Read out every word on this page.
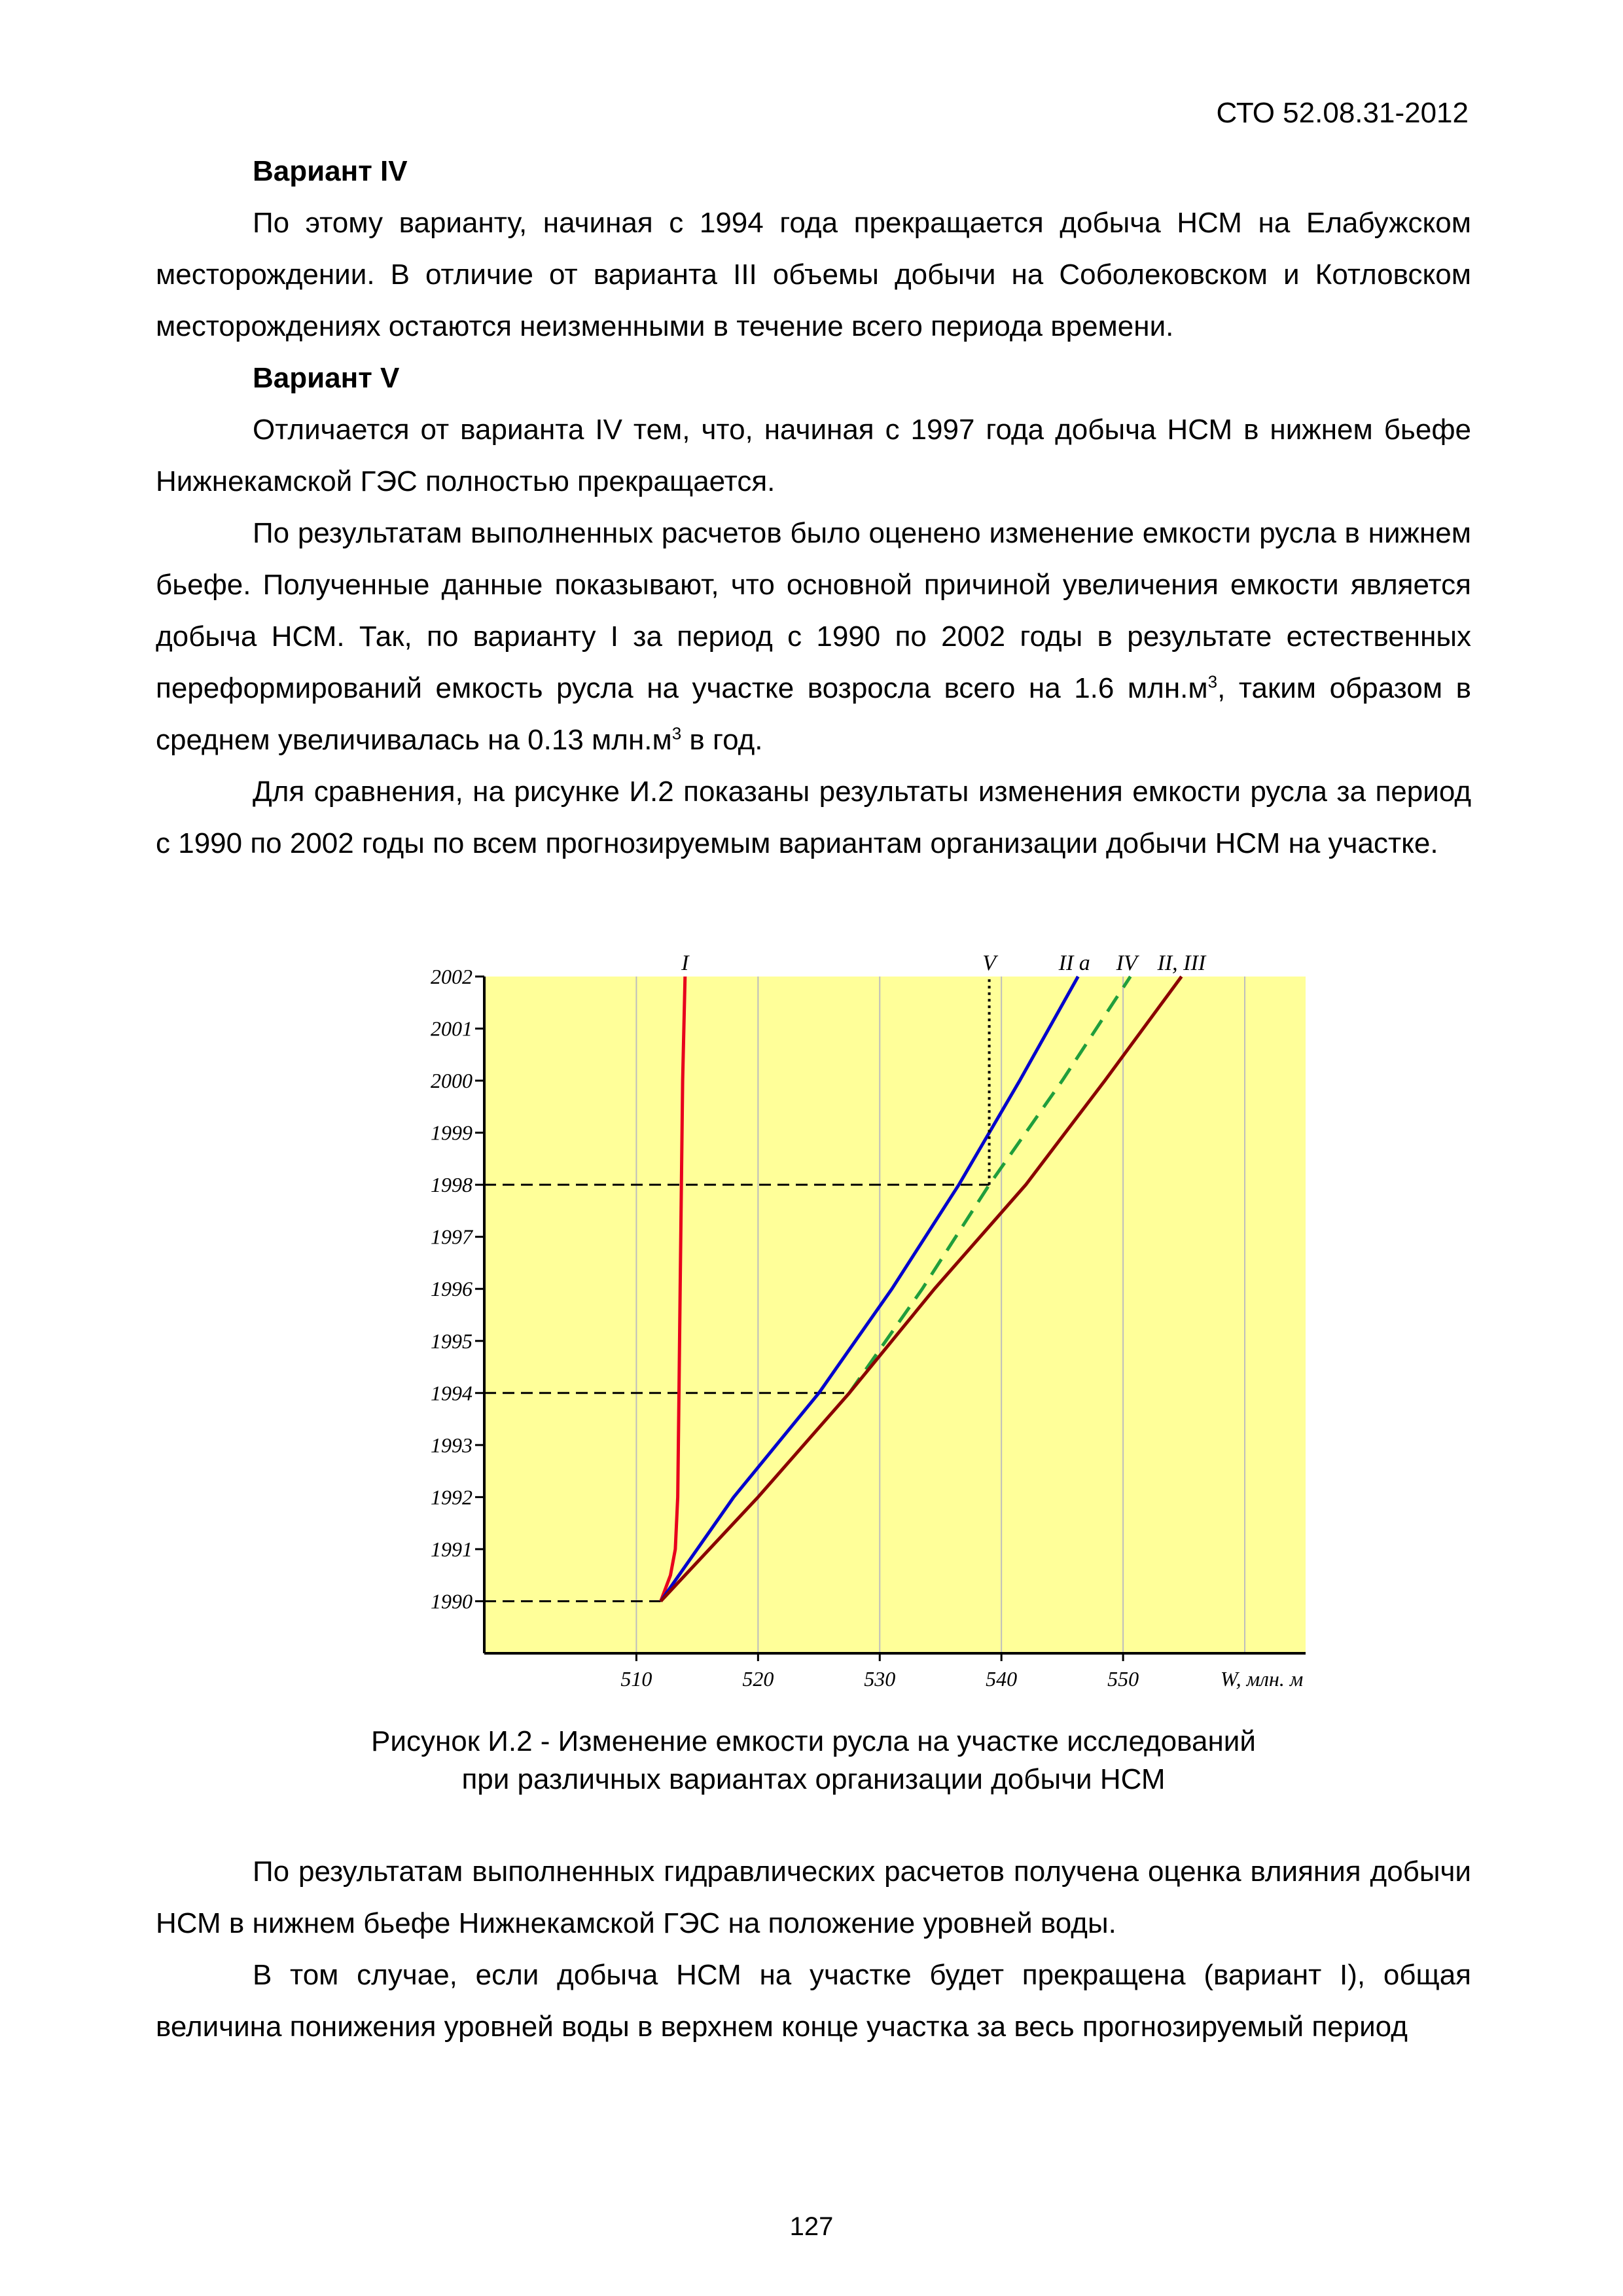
СТО 52.08.31-2012

Вариант IV

По этому варианту, начиная с 1994 года прекращается добыча НСМ на Елабужском месторождении. В отличие от варианта III объемы добычи на Соболековском и Котловском месторождениях остаются неизменными в течение всего периода времени.

Вариант V

Отличается от варианта IV тем, что, начиная с 1997 года добыча НСМ в нижнем бьефе Нижнекамской ГЭС полностью прекращается.

По результатам выполненных расчетов было оценено изменение емкости русла в нижнем бьефе. Полученные данные показывают, что основной причиной увеличения емкости является добыча НСМ. Так, по варианту I за период с 1990 по 2002 годы в результате естественных переформирований емкость русла на участке возросла всего на 1.6 $млн.м^3$, таким образом в среднем увеличивалась на 0.13 $млн.м^3$ в год.

Для сравнения, на рисунке И.2 показаны результаты изменения емкости русла за период с 1990 по 2002 годы по всем прогнозируемым вариантам организации добычи НСМ на участке.

1990
1991
1992
1993
1994
1995
1996
1997
1998
1999
2000
2001
2002
510	520	530	540	550	W, млн. м
I	V	II a IV II, III
Рисунок И.2 - Изменение емкости русла на участке исследований
при различных вариантах организации добычи НСМ

По результатам выполненных гидравлических расчетов получена оценка влияния добычи НСМ в нижнем бьефе Нижнекамской ГЭС на положение уровней воды.

В том случае, если добыча НСМ на участке будет прекращена (вариант I), общая величина понижения уровней воды в верхнем конце участка за весь прогнозируемый период

127
